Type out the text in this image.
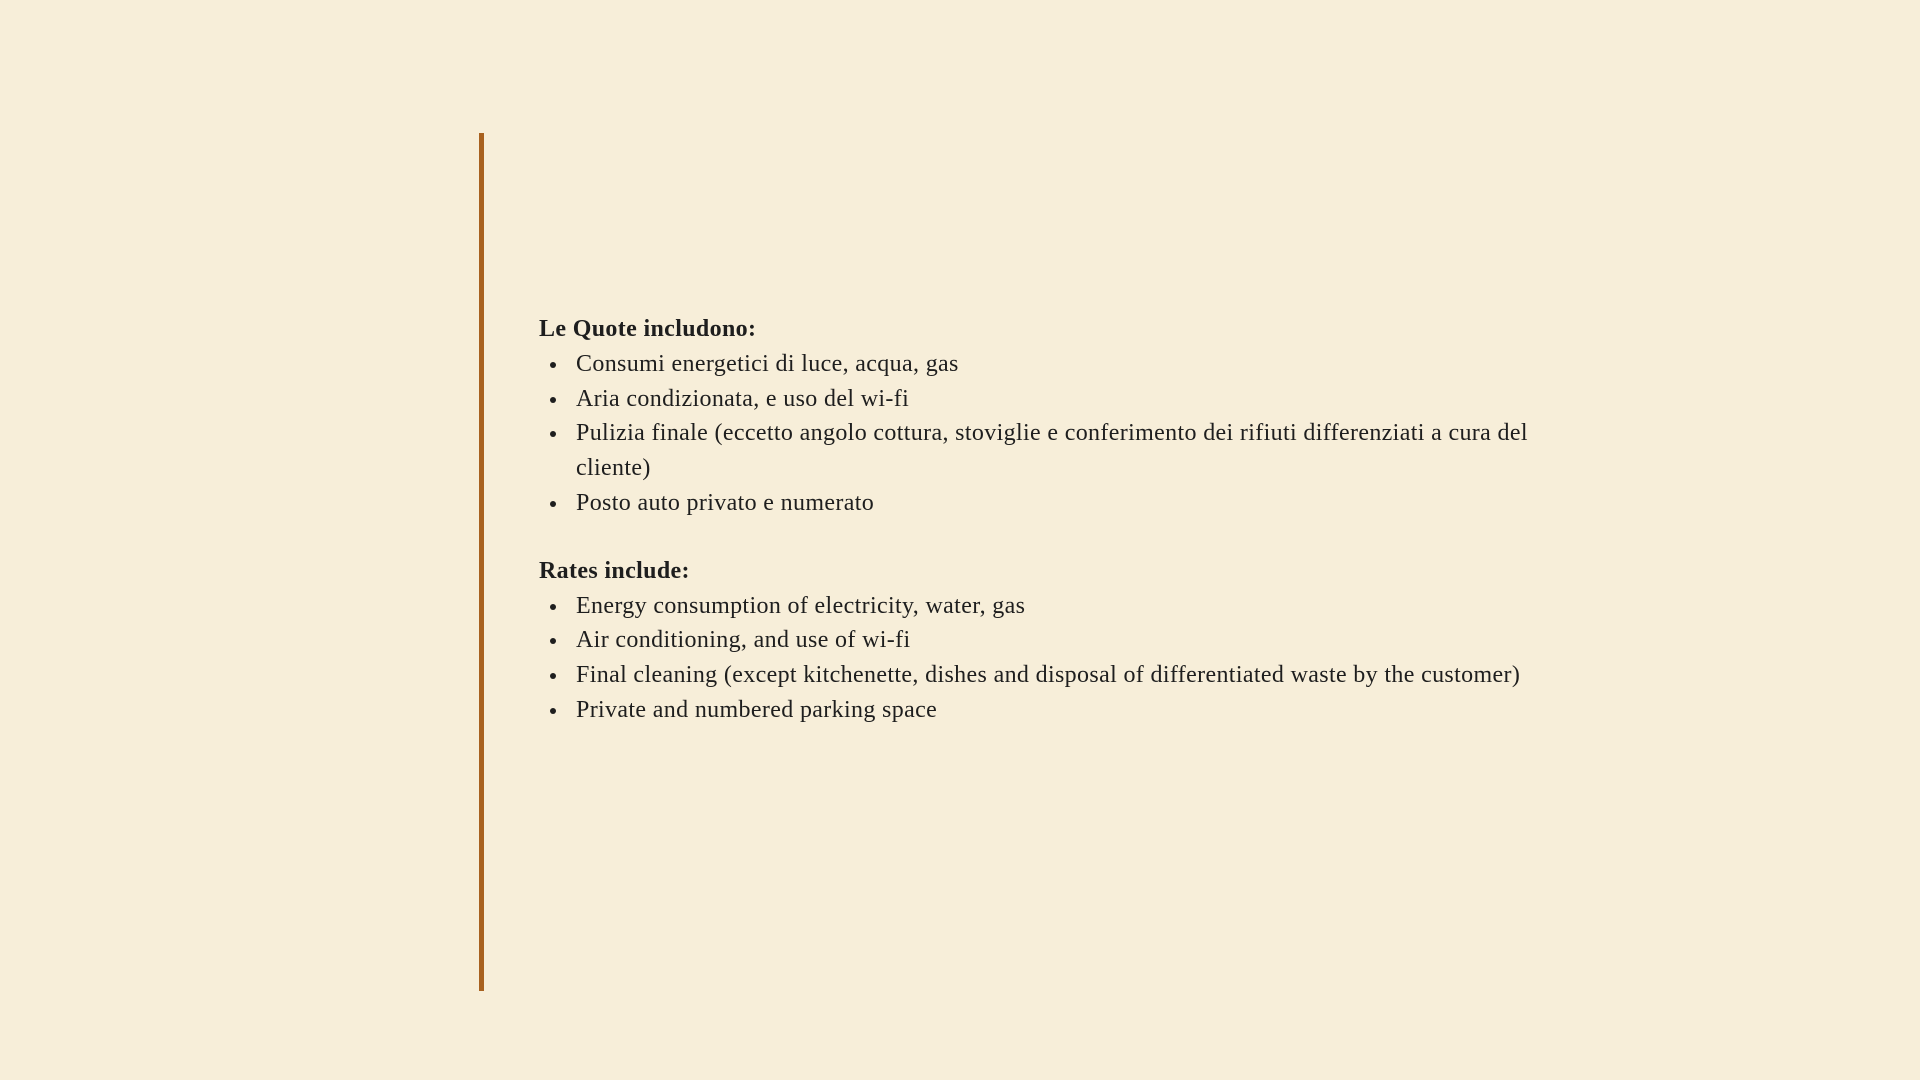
Le Quote includono:

Consumi energetici di luce, acqua, gas
Aria condizionata, e uso del wi-fi
Pulizia finale (eccetto angolo cottura, stoviglie e conferimento dei rifiuti differenziati a cura del cliente)
Posto auto privato e numerato

Rates include:

Energy consumption of electricity, water, gas
Air conditioning, and use of wi-fi
Final cleaning (except kitchenette, dishes and disposal of differentiated waste by the customer)
Private and numbered parking space
